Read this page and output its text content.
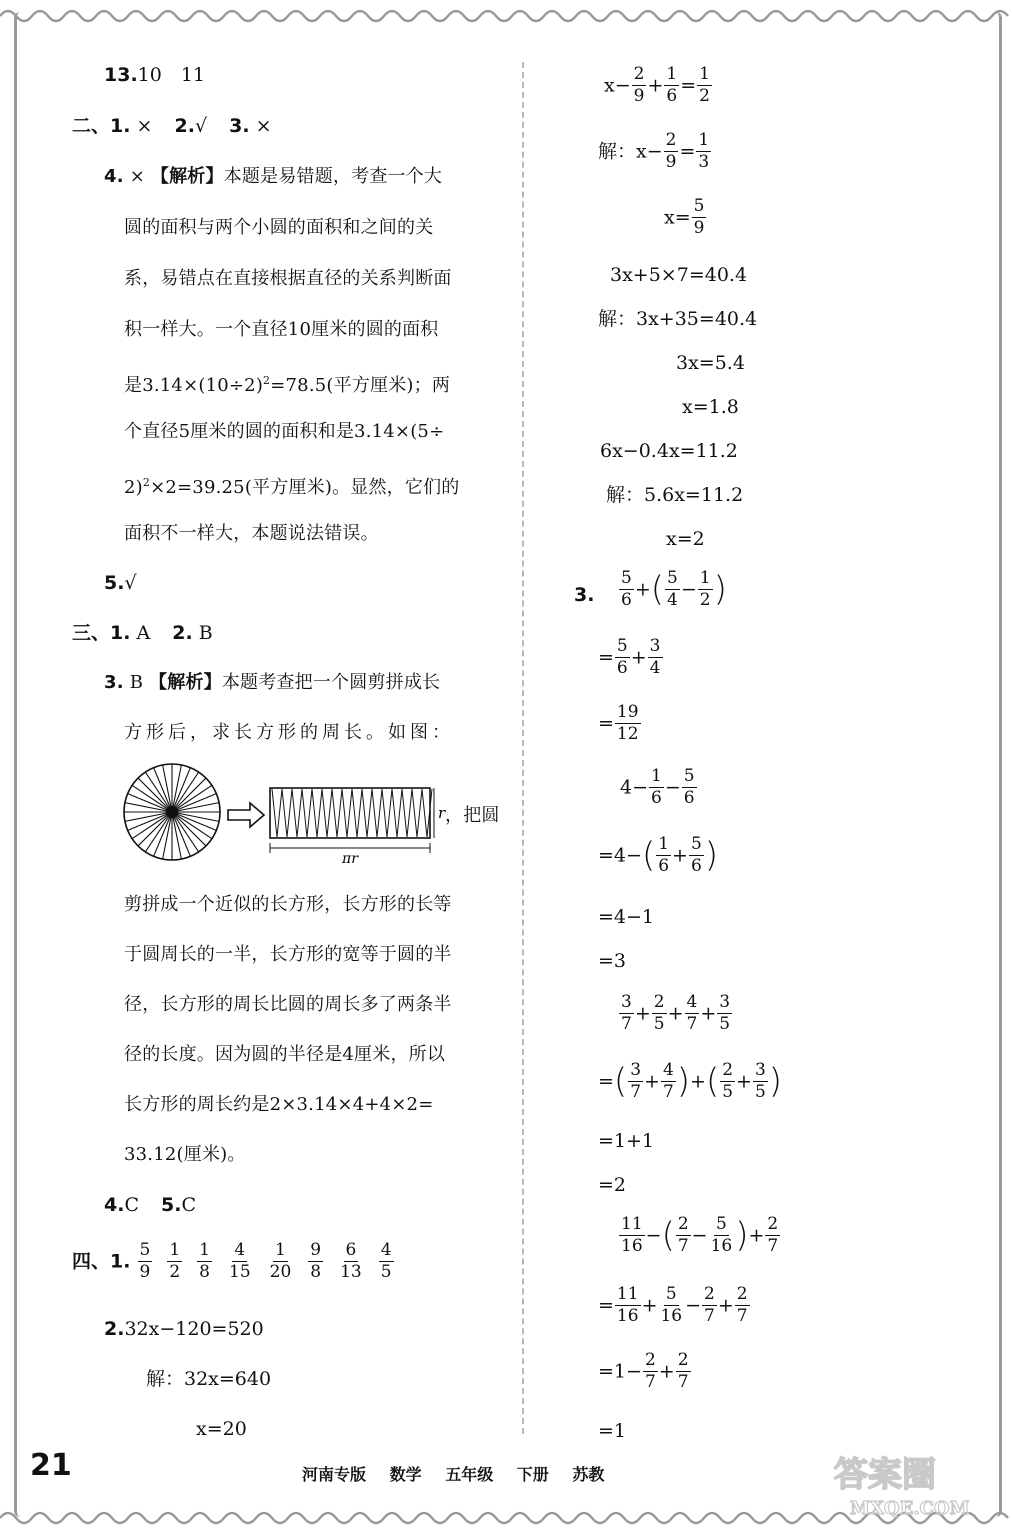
13.10　11
二、1. × 2.√ 3. ×
4. × 【解析】本题是易错题，考查一个大
圆的面积与两个小圆的面积和之间的关
系，易错点在直接根据直径的关系判断面
积一样大。一个直径10厘米的圆的面积
是$3.14\times(10\div 2)^2=78.5$(平方厘米)；两
个直径5厘米的圆的面积和是3.14×(5÷
2)$^2$×2=39.25(平方厘米)。显然，它们的
面积不一样大，本题说法错误。
5.√
三、1. A 2. B
3. B 【解析】本题考查把一个圆剪拼成长
方形后，求长方形的周长。如图：
r
πr
，把圆
剪拼成一个近似的长方形，长方形的长等
于圆周长的一半，长方形的宽等于圆的半
径，长方形的周长比圆的周长多了两条半
径的长度。因为圆的半径是4厘米，所以
长方形的周长约是2×3.14×4+4×2=
33.12(厘米)。
4.C 5.C
四、1. $\frac{5}{9} \frac{1}{2} \frac{1}{8} \frac{4}{15} \frac{1}{20} \frac{9}{8} \frac{6}{13} \frac{4}{5}$
2.32x−120=520
解：32x=640
x=20
$x- \frac{2}{9} + \frac{1}{6} = \frac{1}{2}$
解：$x- \frac{2}{9} = \frac{1}{3}$
$x= \frac{5}{9}$
3x+5×7=40.4
解：3x+35=40.4
3x=5.4
x=1.8
6x−0.4x=11.2
解：5.6x=11.2
x=2
3. $\frac{5}{6}$ +( $\frac{5}{4} - \frac{1}{2}$ )
= $\frac{5}{6} + \frac{3}{4}$
= $\frac{19}{12}$
$4- \frac{1}{6} - \frac{5}{6}$
$=4-( \frac{1}{6} + \frac{5}{6}$ )
=4−1
=3
$\frac{3}{7} + \frac{2}{5} + \frac{4}{7} + \frac{3}{5}$
=( $\frac{3}{7} + \frac{4}{7}$ )+( $\frac{2}{5} + \frac{3}{5}$ )
=1+1
=2
$\frac{11}{16}$ −( $\frac{2}{7} - \frac{5}{16}$ )+ $\frac{2}{7}$
= $\frac{11}{16} + \frac{5}{16} - \frac{2}{7} + \frac{2}{7}$
$=1- \frac{2}{7} + \frac{2}{7}$
=1
21	河南专版 数学 五年级 下册 苏教	答案圈
MXQE.COM
